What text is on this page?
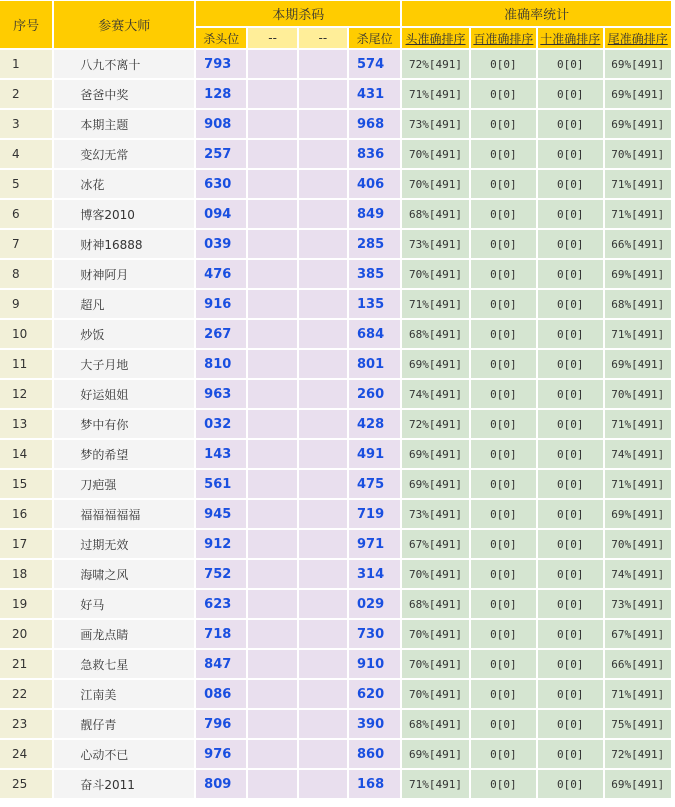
序号	参赛大师	本期杀码				准确率统计			
		杀头位	--	--	杀尾位	头准确排序	百准确排序	十准确排序	尾准确排序
1	八九不离十	793			574	72%[491]	0[0]	0[0]	69%[491]
2	爸爸中奖	128			431	71%[491]	0[0]	0[0]	69%[491]
3	本期主题	908			968	73%[491]	0[0]	0[0]	69%[491]
4	变幻无常	257			836	70%[491]	0[0]	0[0]	70%[491]
5	冰花	630			406	70%[491]	0[0]	0[0]	71%[491]
6	博客2010	094			849	68%[491]	0[0]	0[0]	71%[491]
7	财神16888	039			285	73%[491]	0[0]	0[0]	66%[491]
8	财神阿月	476			385	70%[491]	0[0]	0[0]	69%[491]
9	超凡	916			135	71%[491]	0[0]	0[0]	68%[491]
10	炒饭	267			684	68%[491]	0[0]	0[0]	71%[491]
11	大子月地	810			801	69%[491]	0[0]	0[0]	69%[491]
12	好运姐姐	963			260	74%[491]	0[0]	0[0]	70%[491]
13	梦中有你	032			428	72%[491]	0[0]	0[0]	71%[491]
14	梦的希望	143			491	69%[491]	0[0]	0[0]	74%[491]
15	刀疤强	561			475	69%[491]	0[0]	0[0]	71%[491]
16	福福福福福	945			719	73%[491]	0[0]	0[0]	69%[491]
17	过期无效	912			971	67%[491]	0[0]	0[0]	70%[491]
18	海啸之风	752			314	70%[491]	0[0]	0[0]	74%[491]
19	好马	623			029	68%[491]	0[0]	0[0]	73%[491]
20	画龙点睛	718			730	70%[491]	0[0]	0[0]	67%[491]
21	急救七星	847			910	70%[491]	0[0]	0[0]	66%[491]
22	江南美	086			620	70%[491]	0[0]	0[0]	71%[491]
23	靓仔青	796			390	68%[491]	0[0]	0[0]	75%[491]
24	心动不已	976			860	69%[491]	0[0]	0[0]	72%[491]
25	奋斗2011	809			168	71%[491]	0[0]	0[0]	69%[491]
